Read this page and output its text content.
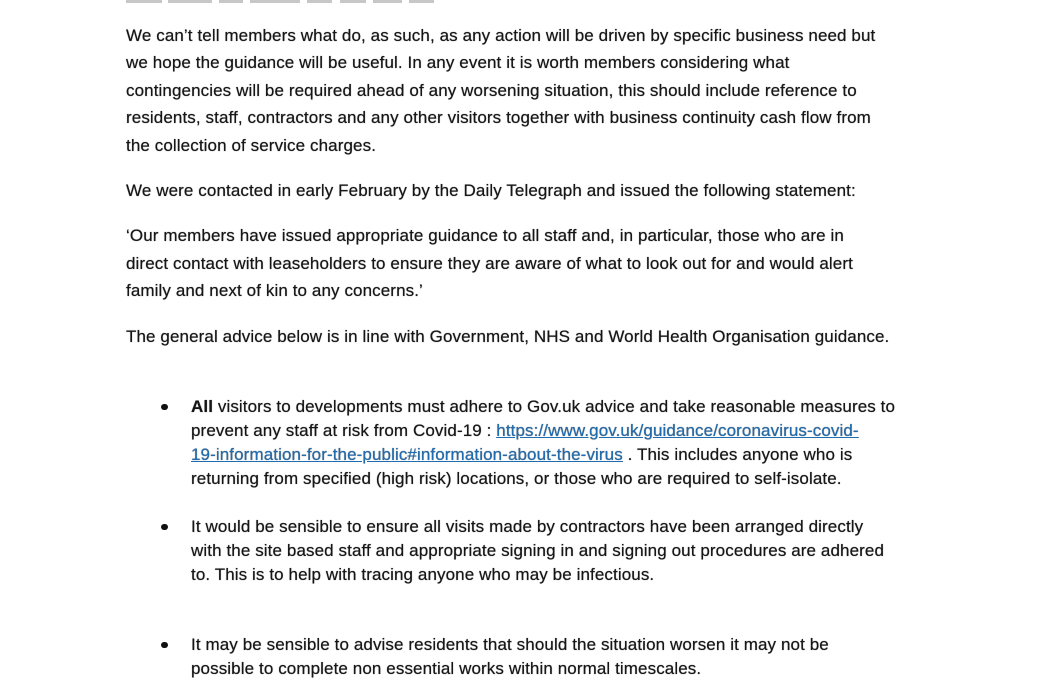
We can’t tell members what do, as such, as any action will be driven by specific business need but
we hope the guidance will be useful. In any event it is worth members considering what
contingencies will be required ahead of any worsening situation, this should include reference to
residents, staff, contractors and any other visitors together with business continuity cash flow from
the collection of service charges.
We were contacted in early February by the Daily Telegraph and issued the following statement:
‘Our members have issued appropriate guidance to all staff and, in particular, those who are in
direct contact with leaseholders to ensure they are aware of what to look out for and would alert
family and next of kin to any concerns.’
The general advice below is in line with Government, NHS and World Health Organisation guidance.
All visitors to developments must adhere to Gov.uk advice and take reasonable measures to
prevent any staff at risk from Covid-19 : https://www.gov.uk/guidance/coronavirus-covid-
19-information-for-the-public#information-about-the-virus . This includes anyone who is
returning from specified (high risk) locations, or those who are required to self-isolate.
It would be sensible to ensure all visits made by contractors have been arranged directly
with the site based staff and appropriate signing in and signing out procedures are adhered
to. This is to help with tracing anyone who may be infectious.
It may be sensible to advise residents that should the situation worsen it may not be
possible to complete non essential works within normal timescales.
